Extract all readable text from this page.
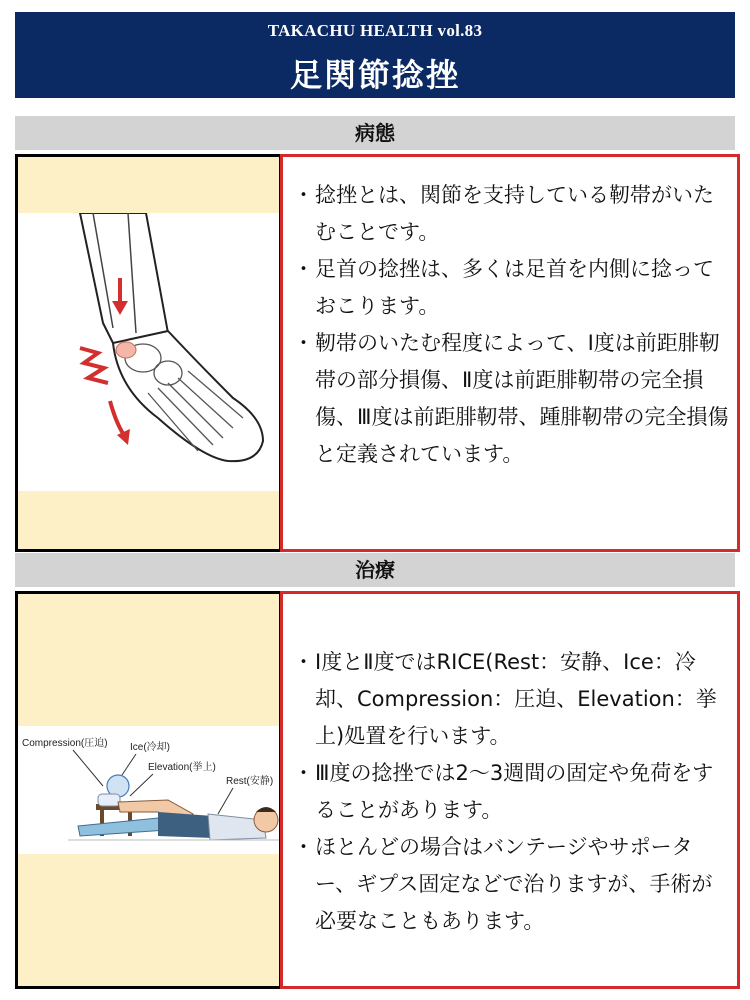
TAKACHU HEALTH vol.83
足関節捻挫
病態
・ 捻挫とは、関節を支持している靭帯がいたむことです。
・ 足首の捻挫は、多くは足首を内側に捻っておこります。
・ 靭帯のいたむ程度によって、Ⅰ度は前距腓靭帯の部分損傷、Ⅱ度は前距腓靭帯の完全損傷、Ⅲ度は前距腓靭帯、踵腓靭帯の完全損傷と定義されています。
治療
Compression(圧迫) Ice(冷却)
Elevation(挙上)
Rest(安静)
・ Ⅰ度とⅡ度ではRICE(Rest：安静、Ice：冷却、Compression：圧迫、Elevation：挙上)処置を行います。
・ Ⅲ度の捻挫では2〜3週間の固定や免荷をすることがあります。
・ ほとんどの場合はバンテージやサポーター、ギプス固定などで治りますが、手術が必要なこともあります。
